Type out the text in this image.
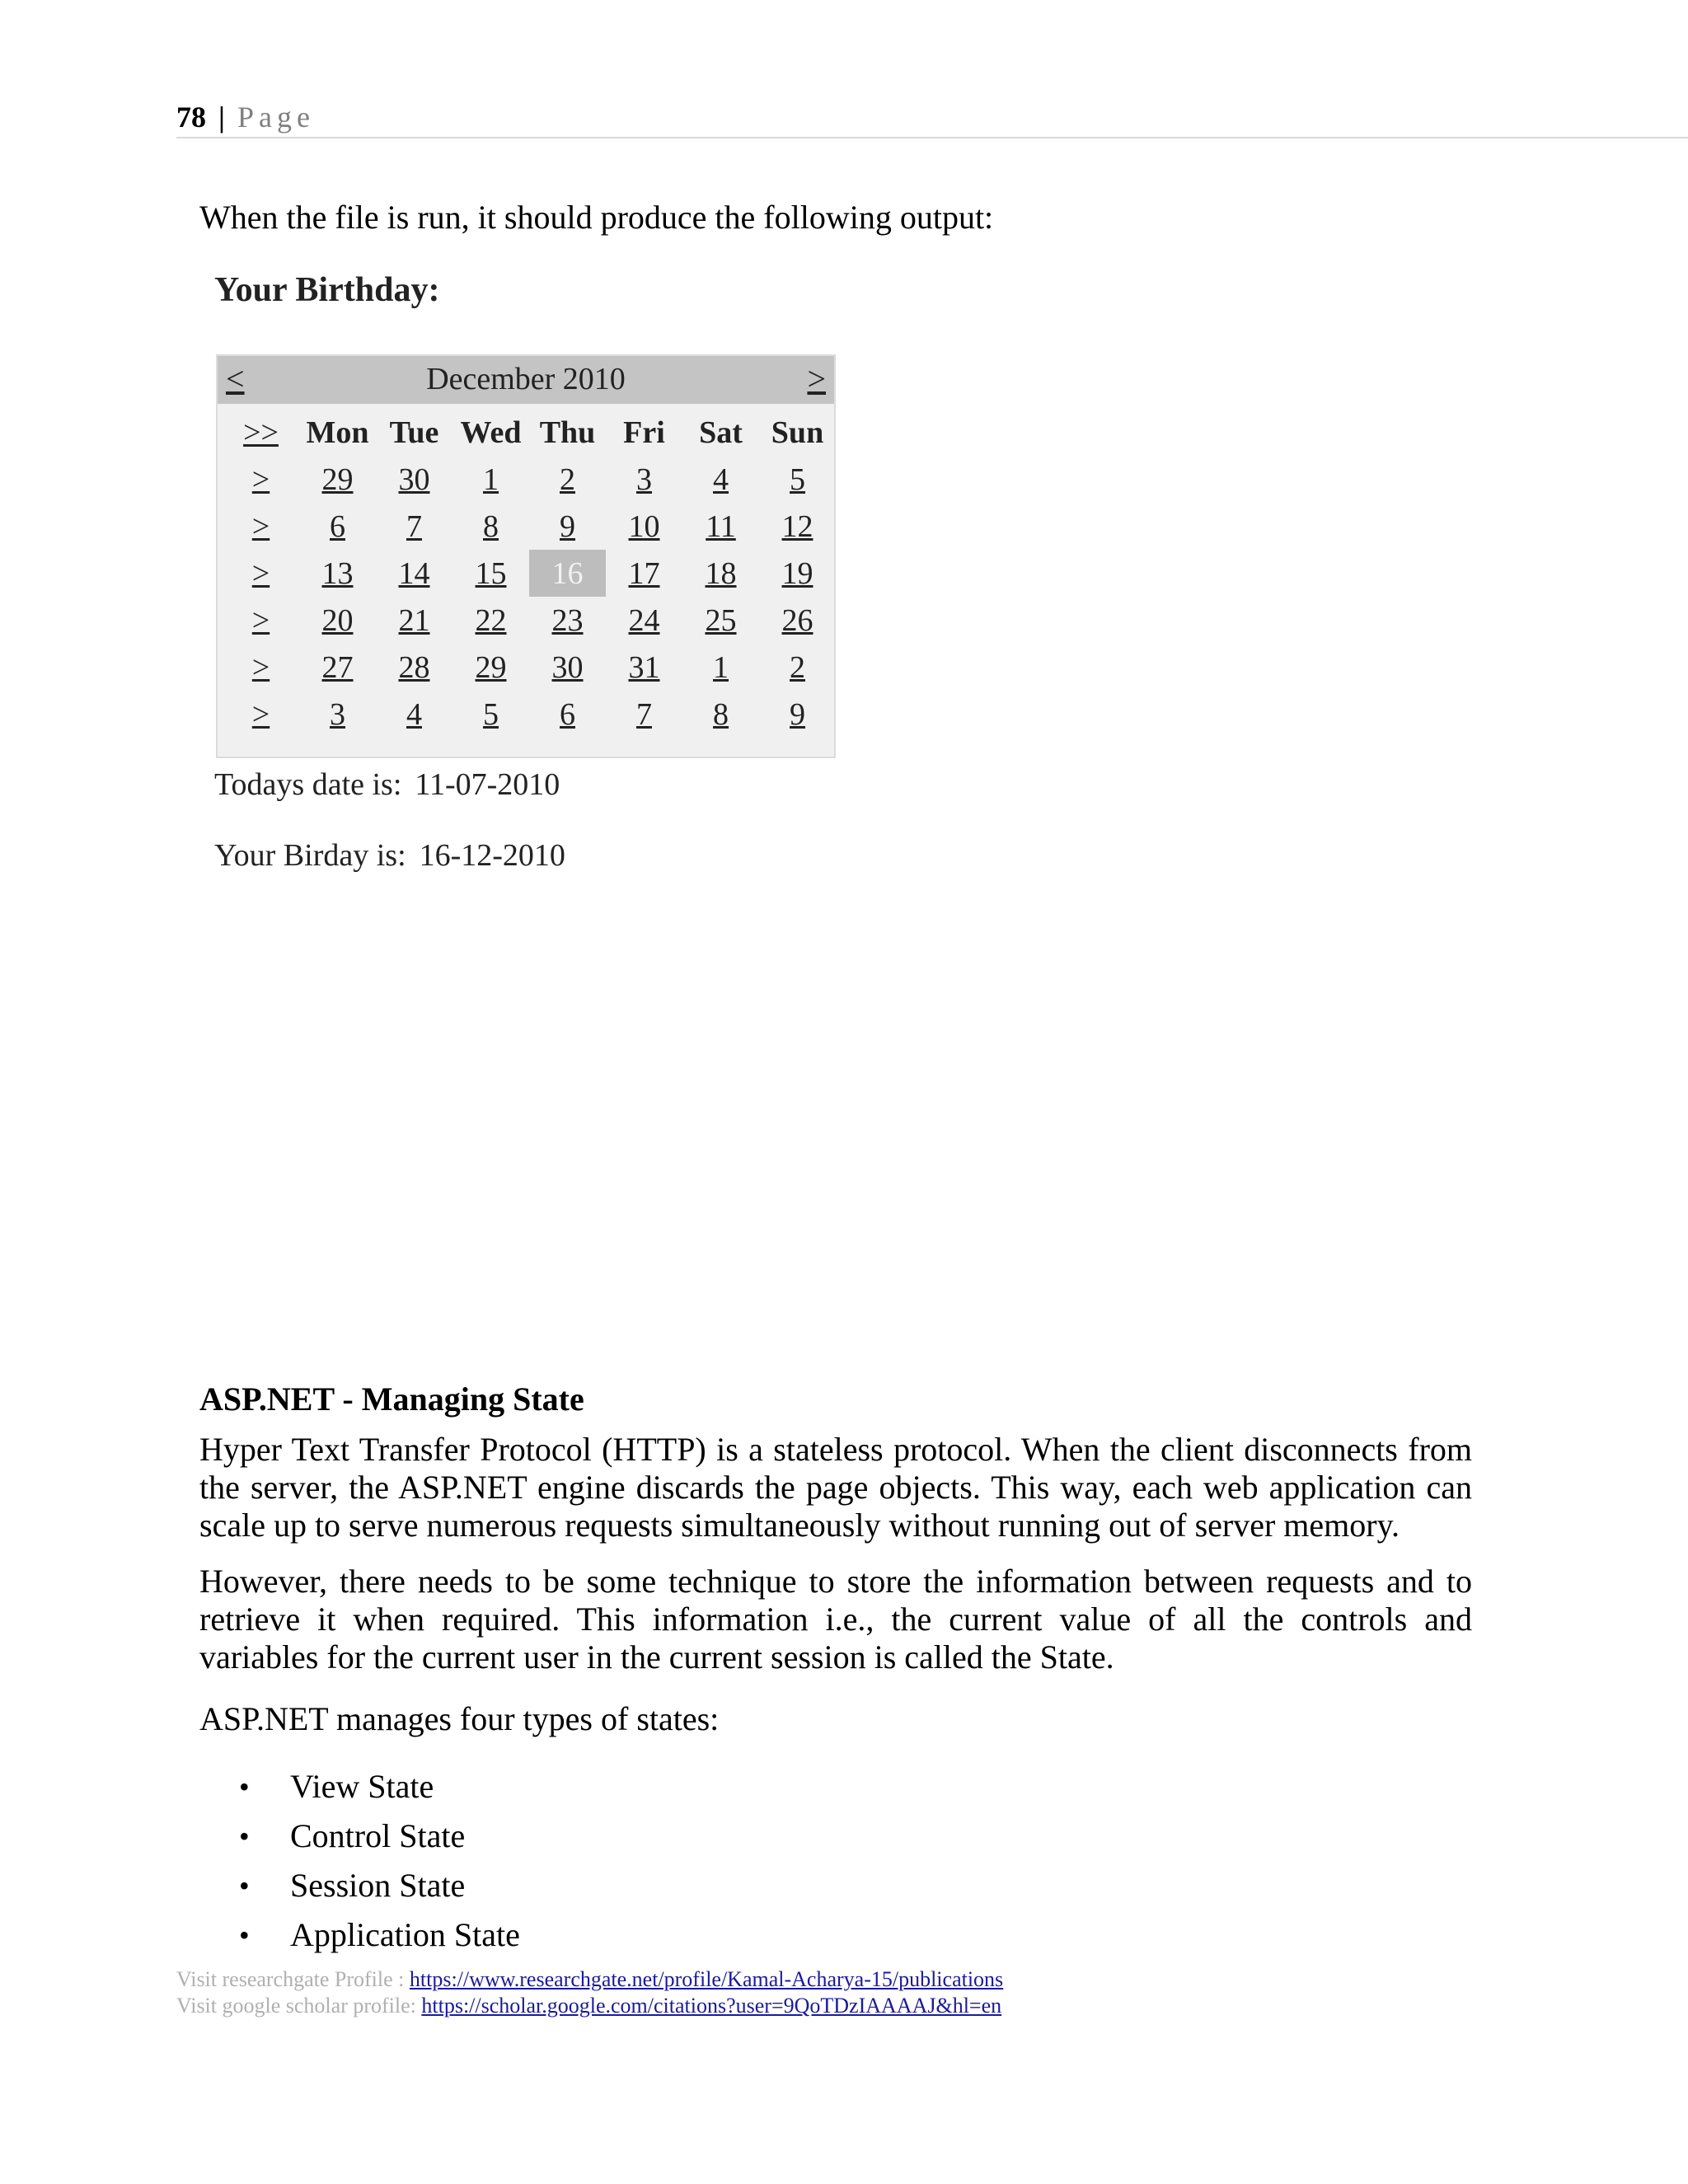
78 | Page
When the file is run, it should produce the following output:
Your Birthday:
<	December 2010	>
>>	Mon	Tue	Wed	Thu	Fri	Sat	Sun
>	29	30	1	2	3	4	5
>	6	7	8	9	10	11	12
>	13	14	15	16	17	18	19
>	20	21	22	23	24	25	26
>	27	28	29	30	31	1	2
>	3	4	5	6	7	8	9
Todays date is: 11-07-2010
Your Birday is: 16-12-2010
ASP.NET - Managing State

Hyper Text Transfer Protocol (HTTP) is a stateless protocol. When the client disconnects from the server, the ASP.NET engine discards the page objects. This way, each web application can scale up to serve numerous requests simultaneously without running out of server memory.

However, there needs to be some technique to store the information between requests and to retrieve it when required. This information i.e., the current value of all the controls and variables for the current user in the current session is called the State.

ASP.NET manages four types of states:

• View State
• Control State
• Session State
• Application State
Visit researchgate Profile : https://www.researchgate.net/profile/Kamal-Acharya-15/publications
Visit google scholar profile: https://scholar.google.com/citations?user=9QoTDzIAAAAJ&hl=en
